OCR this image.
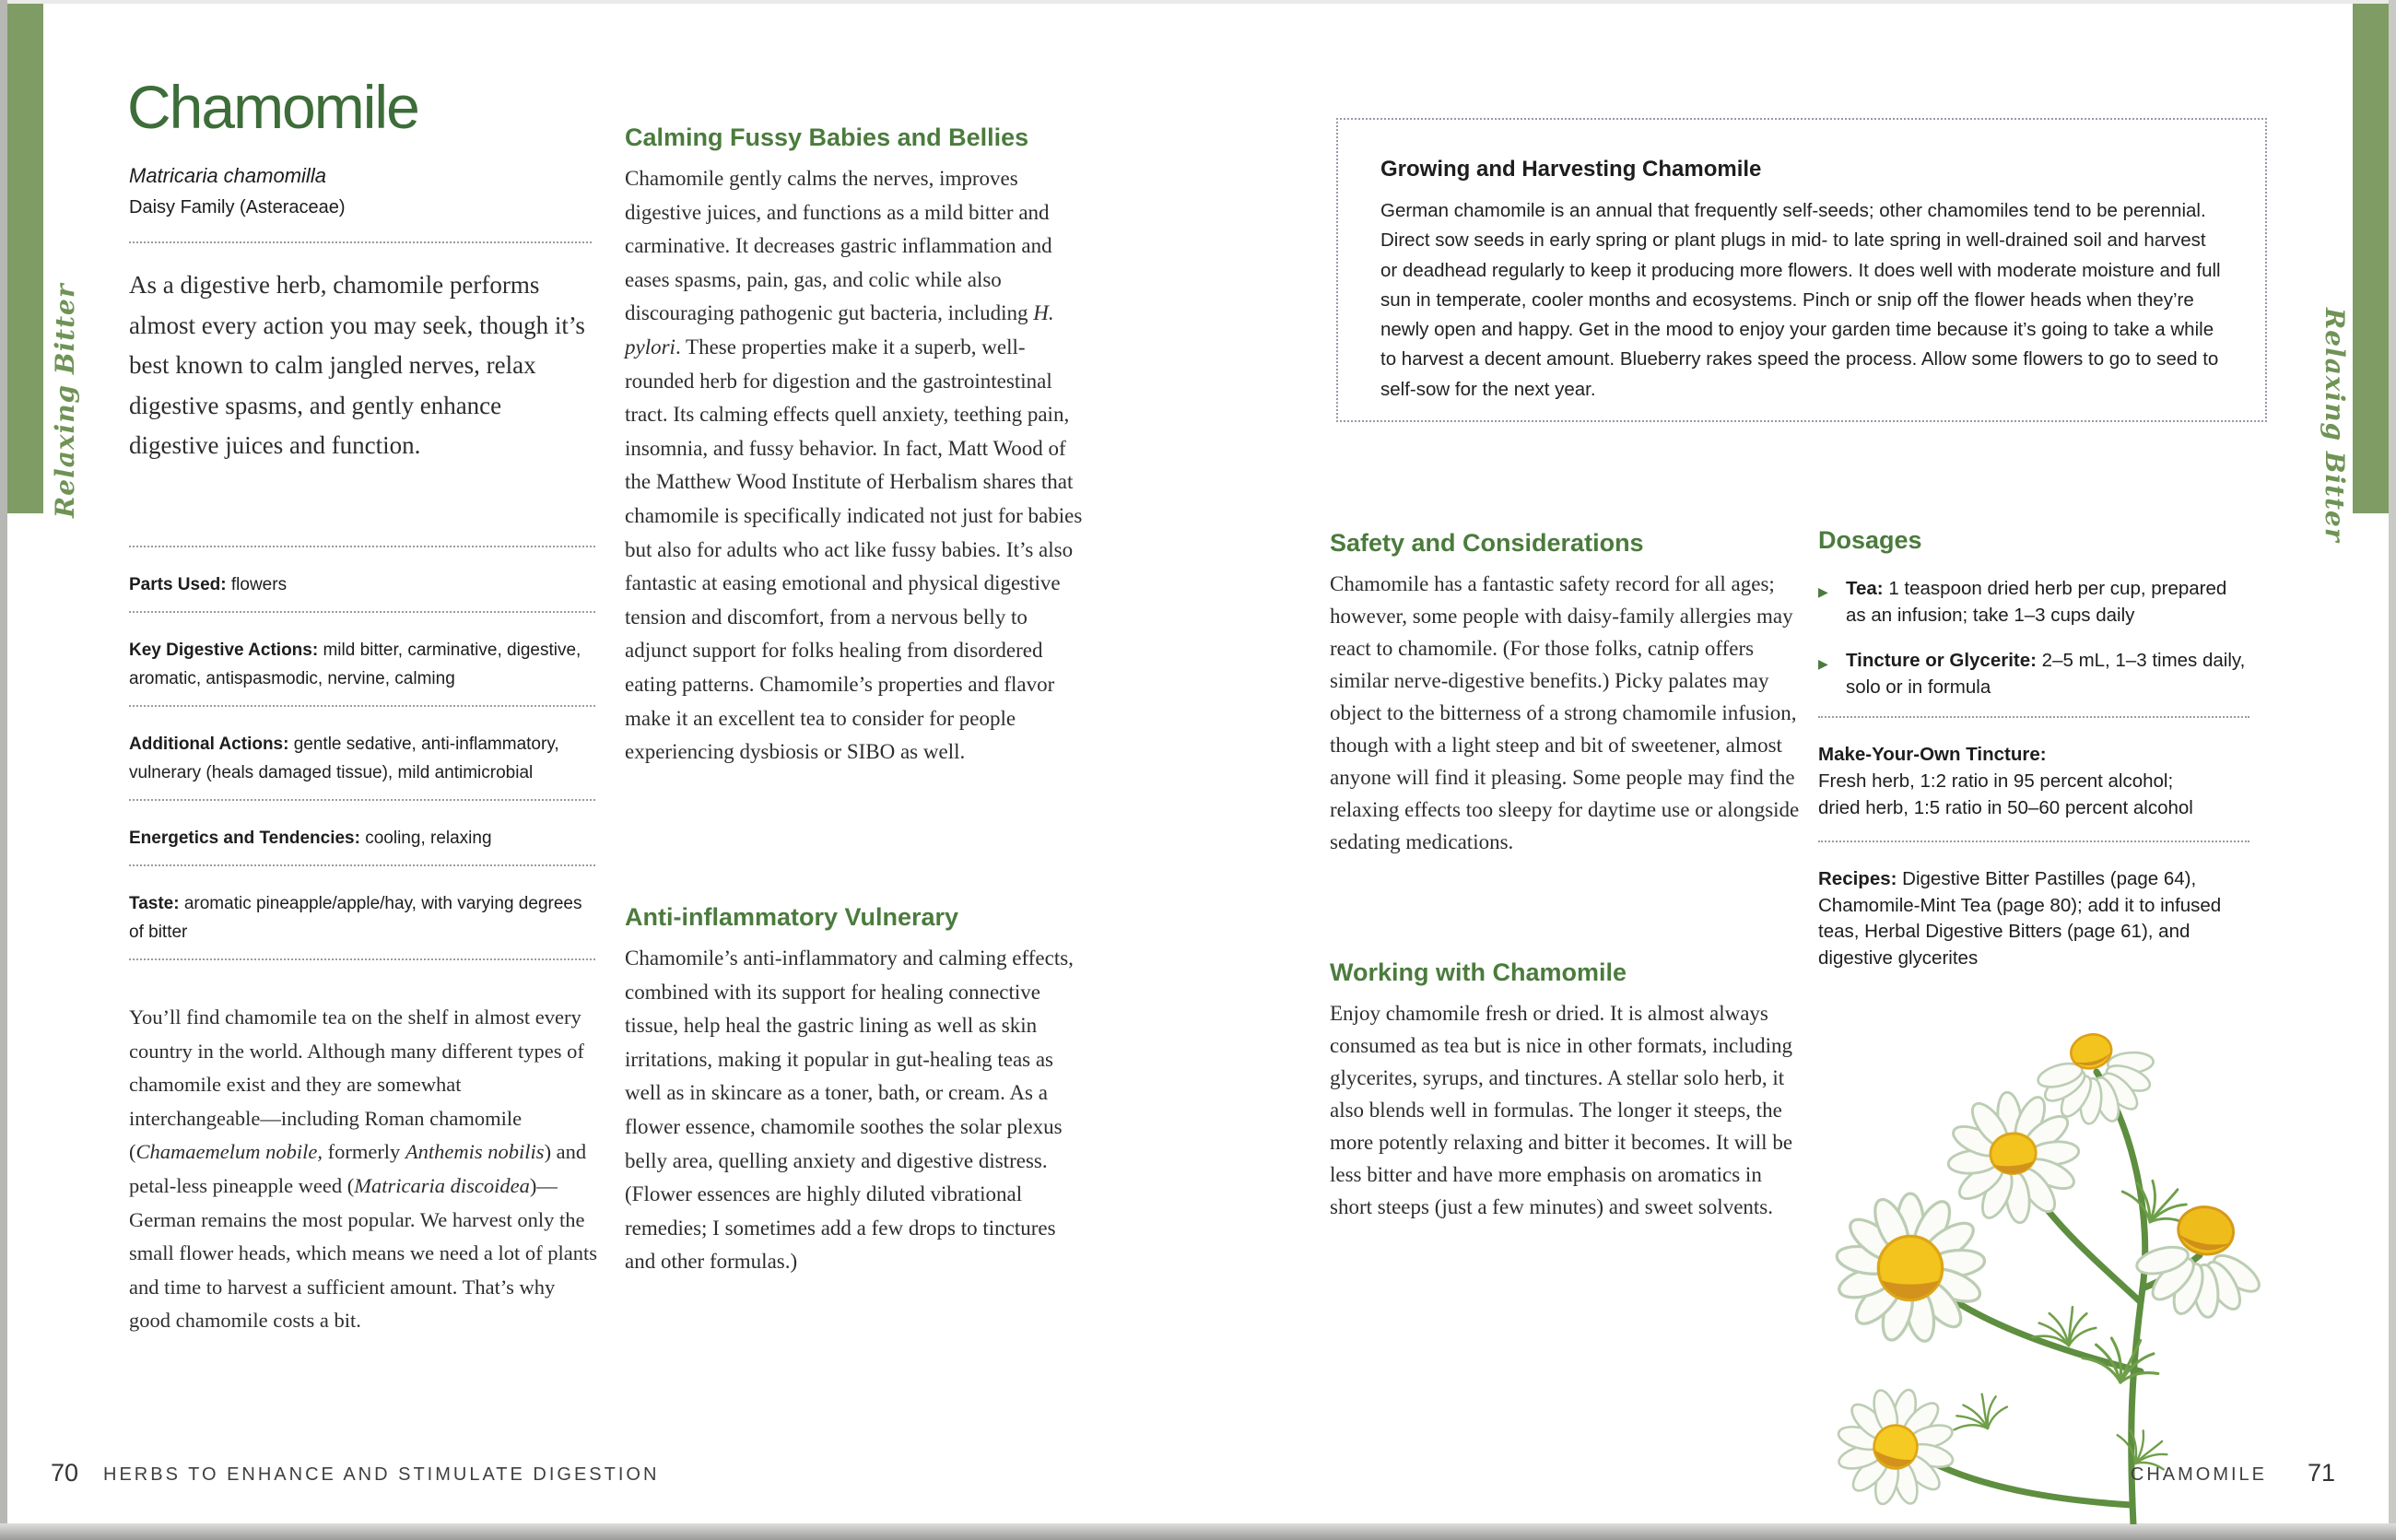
Relaxing Bitter	Relaxing Bitter
Chamomile
Matricaria chamomilla
Daisy Family (Asteraceae)
As a digestive herb, chamomile performs almost every action you may seek, though it’s best known to calm jangled nerves, relax digestive spasms, and gently enhance digestive juices and function.
Parts Used: flowers
Key Digestive Actions: mild bitter, carminative, digestive, aromatic, antispasmodic, nervine, calming
Additional Actions: gentle sedative, anti-inflammatory, vulnerary (heals damaged tissue), mild antimicrobial
Energetics and Tendencies: cooling, relaxing
Taste: aromatic pineapple/apple/hay, with varying degrees of bitter
You’ll find chamomile tea on the shelf in almost every country in the world. Although many different types of chamomile exist and they are somewhat interchangeable—including Roman chamomile (Chamaemelum nobile, formerly Anthemis nobilis) and petal-less pineapple weed (Matricaria discoidea)—German remains the most popular. We harvest only the small flower heads, which means we need a lot of plants and time to harvest a sufficient amount. That’s why good chamomile costs a bit.
Calming Fussy Babies and Bellies
Chamomile gently calms the nerves, improves digestive juices, and functions as a mild bitter and carminative. It decreases gastric inflammation and eases spasms, pain, gas, and colic while also discouraging pathogenic gut bacteria, including H. pylori. These properties make it a superb, well-rounded herb for digestion and the gastrointestinal tract. Its calming effects quell anxiety, teething pain, insomnia, and fussy behavior. In fact, Matt Wood of the Matthew Wood Institute of Herbalism shares that chamomile is specifically indicated not just for babies but also for adults who act like fussy babies. It’s also fantastic at easing emotional and physical digestive tension and discomfort, from a nervous belly to adjunct support for folks healing from disordered eating patterns. Chamomile’s properties and flavor make it an excellent tea to consider for people experiencing dysbiosis or SIBO as well.
Anti-inflammatory Vulnerary
Chamomile’s anti-inflammatory and calming effects, combined with its support for healing connective tissue, help heal the gastric lining as well as skin irritations, making it popular in gut-healing teas as well as in skincare as a toner, bath, or cream. As a flower essence, chamomile soothes the solar plexus belly area, quelling anxiety and digestive distress. (Flower essences are highly diluted vibrational remedies; I sometimes add a few drops to tinctures and other formulas.)
70 HERBS TO ENHANCE AND STIMULATE DIGESTION
Growing and Harvesting Chamomile
German chamomile is an annual that frequently self-seeds; other chamomiles tend to be perennial. Direct sow seeds in early spring or plant plugs in mid- to late spring in well-drained soil and harvest or deadhead regularly to keep it producing more flowers. It does well with moderate moisture and full sun in temperate, cooler months and ecosystems. Pinch or snip off the flower heads when they’re newly open and happy. Get in the mood to enjoy your garden time because it’s going to take a while to harvest a decent amount. Blueberry rakes speed the process. Allow some flowers to go to seed to self-sow for the next year.
Safety and Considerations
Chamomile has a fantastic safety record for all ages; however, some people with daisy-family allergies may react to chamomile. (For those folks, catnip offers similar nerve-digestive benefits.) Picky palates may object to the bitterness of a strong chamomile infusion, though with a light steep and bit of sweetener, almost anyone will find it pleasing. Some people may find the relaxing effects too sleepy for daytime use or alongside sedating medications.
Working with Chamomile
Enjoy chamomile fresh or dried. It is almost always consumed as tea but is nice in other formats, including glycerites, syrups, and tinctures. A stellar solo herb, it also blends well in formulas. The longer it steeps, the more potently relaxing and bitter it becomes. It will be less bitter and have more emphasis on aromatics in short steeps (just a few minutes) and sweet solvents.
Dosages
▶ Tea: 1 teaspoon dried herb per cup, prepared as an infusion; take 1–3 cups daily
▶ Tincture or Glycerite: 2–5 mL, 1–3 times daily, solo or in formula
Make-Your-Own Tincture:
Fresh herb, 1:2 ratio in 95 percent alcohol;
dried herb, 1:5 ratio in 50–60 percent alcohol
Recipes: Digestive Bitter Pastilles (page 64), Chamomile-Mint Tea (page 80); add it to infused teas, Herbal Digestive Bitters (page 61), and digestive glycerites
CHAMOMILE 71
